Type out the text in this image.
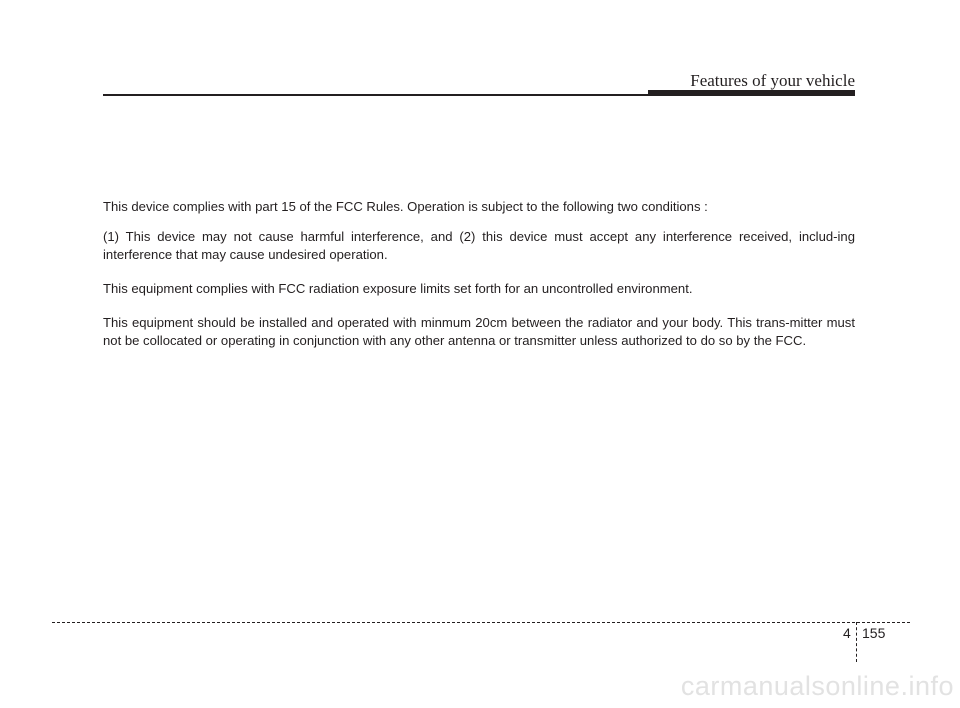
Features of your vehicle

This device complies with part 15 of the FCC Rules. Operation is subject to the following two conditions :

(1) This device may not cause harmful interference, and (2) this device must accept any interference received, includ-ing interference that may cause undesired operation.

This equipment complies with FCC radiation exposure limits set forth for an uncontrolled environment.

This equipment should be installed and operated with minmum 20cm between the radiator and your body. This trans-mitter must not be collocated or operating in conjunction with any other antenna or transmitter unless authorized to do so by the FCC.

4 155
carmanualsonline.info
